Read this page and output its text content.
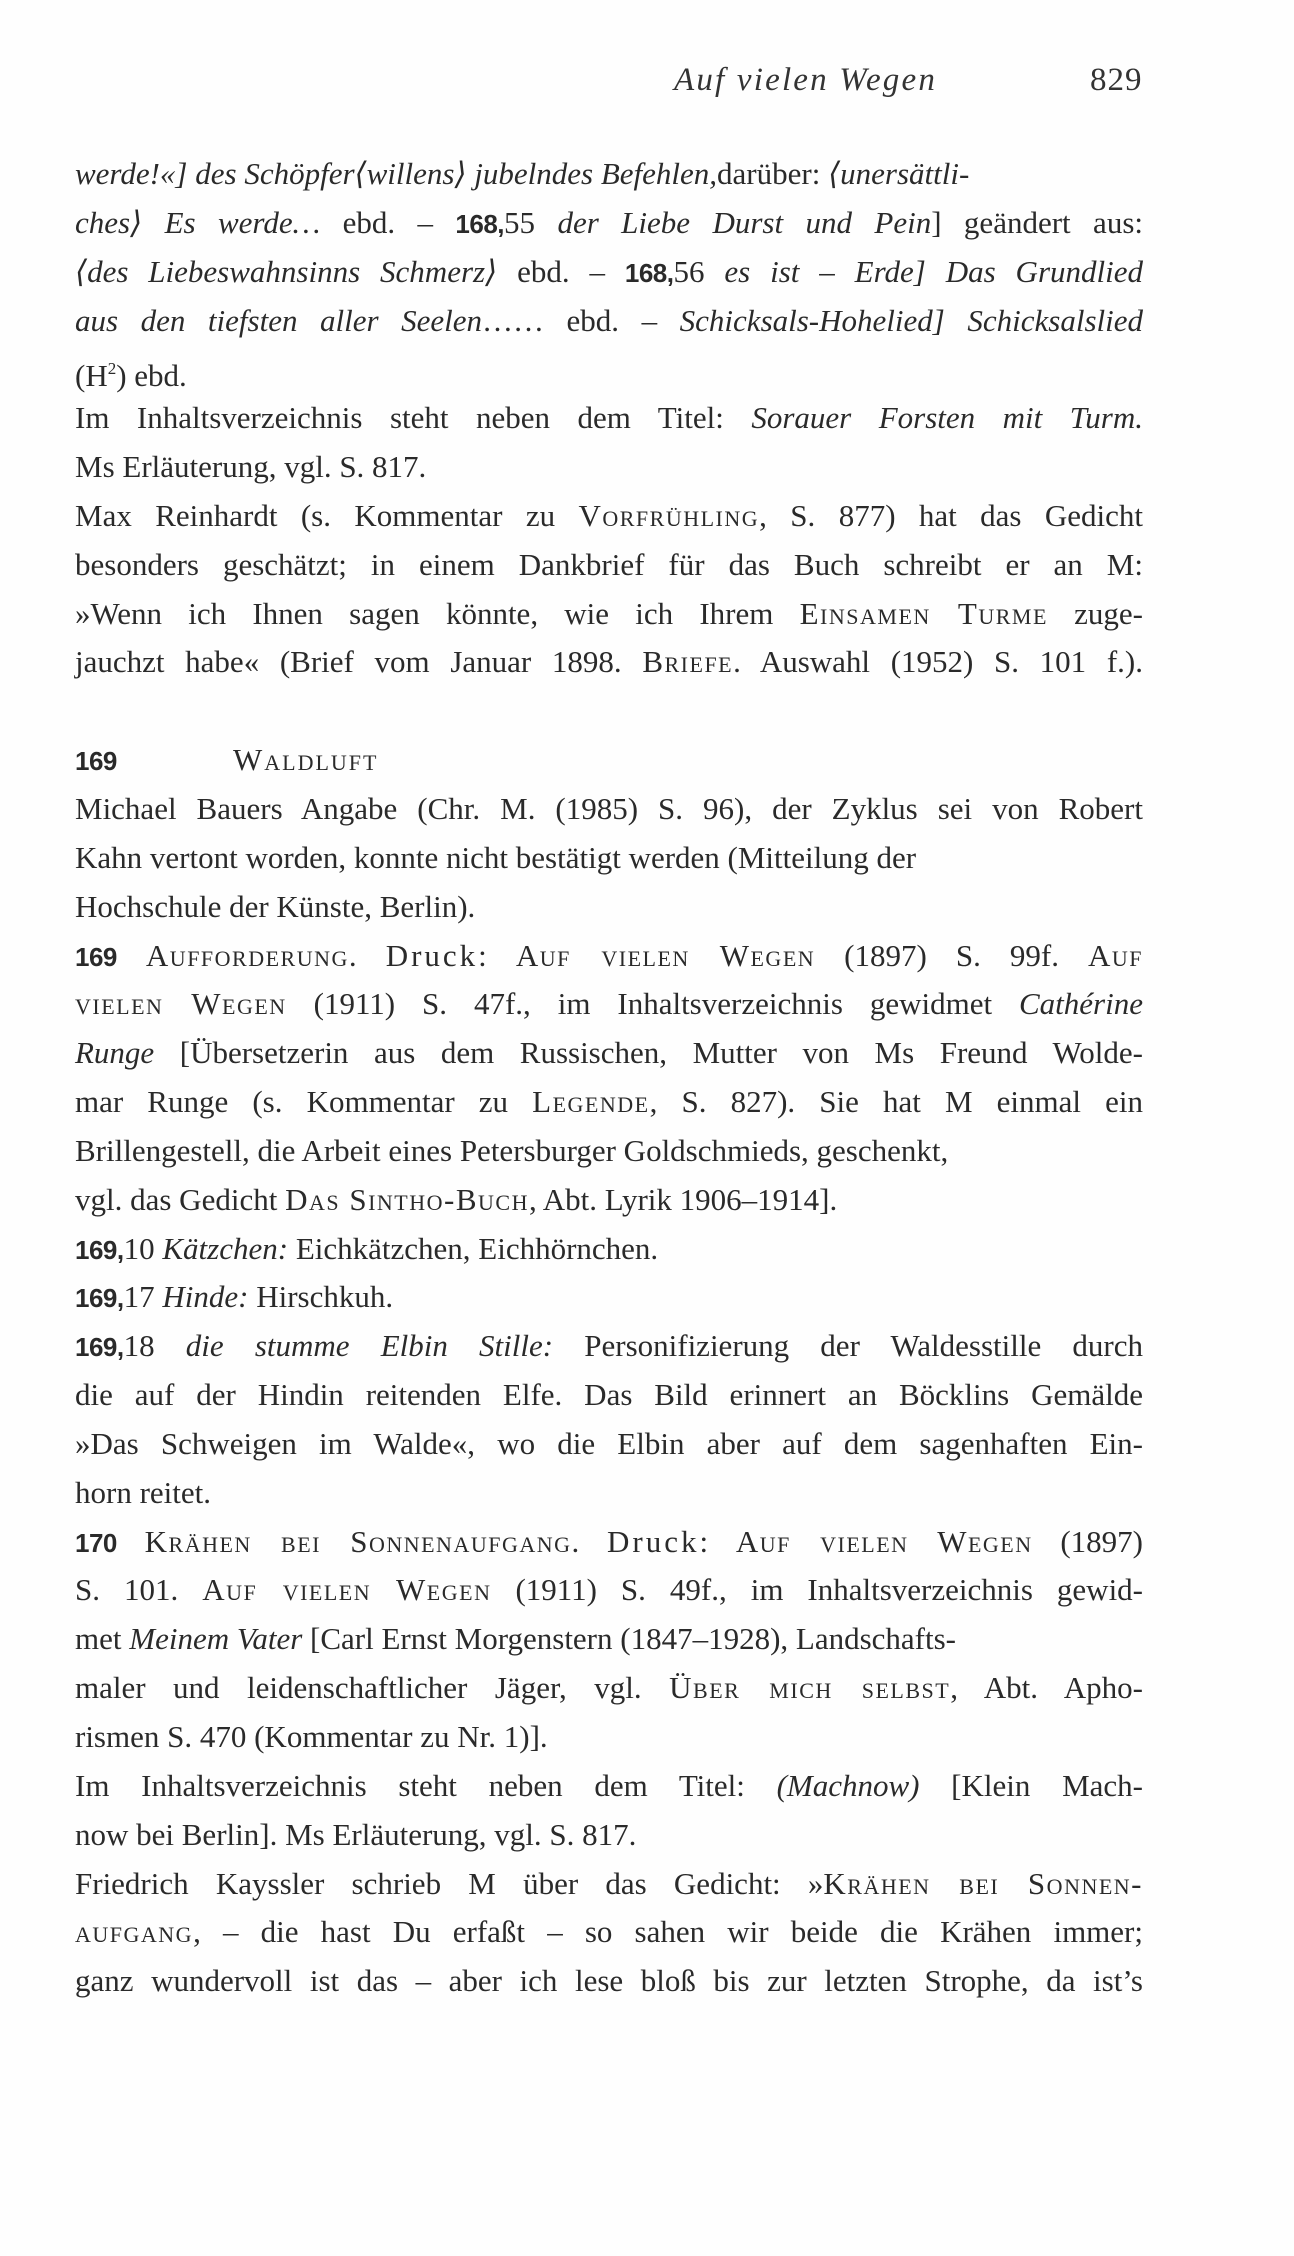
Auf vielen Wegen	829
werde!«] des Schöpfer⟨willens⟩ jubelndes Befehlen,darüber: ⟨unersättli-
ches⟩ Es werde… ebd. – 168,55 der Liebe Durst und Pein] geändert aus:
⟨des Liebeswahnsinns Schmerz⟩ ebd. – 168,56 es ist – Erde] Das Grundlied
aus den tiefsten aller Seelen…… ebd. – Schicksals-Hohelied] Schicksalslied
$(H^2)$ ebd.
Im Inhaltsverzeichnis steht neben dem Titel: Sorauer Forsten mit Turm.
Ms Erläuterung, vgl. S. 817.
Max Reinhardt (s. Kommentar zu Vorfrühling, S. 877) hat das Gedicht
besonders geschätzt; in einem Dankbrief für das Buch schreibt er an M:
»Wenn ich Ihnen sagen könnte, wie ich Ihrem Einsamen Turme zuge-
jauchzt habe« (Brief vom Januar 1898. Briefe. Auswahl (1952) S. 101 f.).
169	Waldluft
Michael Bauers Angabe (Chr. M. (1985) S. 96), der Zyklus sei von Robert
Kahn vertont worden, konnte nicht bestätigt werden (Mitteilung der
Hochschule der Künste, Berlin).
169 Aufforderung. Druck: Auf vielen Wegen (1897) S. 99f. Auf
vielen Wegen (1911) S. 47f., im Inhaltsverzeichnis gewidmet Cathérine
Runge [Übersetzerin aus dem Russischen, Mutter von Ms Freund Wolde-
mar Runge (s. Kommentar zu Legende, S. 827). Sie hat M einmal ein
Brillengestell, die Arbeit eines Petersburger Goldschmieds, geschenkt,
vgl. das Gedicht Das Sintho-Buch, Abt. Lyrik 1906–1914].
169,10 Kätzchen: Eichkätzchen, Eichhörnchen.
169,17 Hinde: Hirschkuh.
169,18 die stumme Elbin Stille: Personifizierung der Waldesstille durch
die auf der Hindin reitenden Elfe. Das Bild erinnert an Böcklins Gemälde
»Das Schweigen im Walde«, wo die Elbin aber auf dem sagenhaften Ein-
horn reitet.
170 Krähen bei Sonnenaufgang. Druck: Auf vielen Wegen (1897)
S. 101. Auf vielen Wegen (1911) S. 49f., im Inhaltsverzeichnis gewid-
met Meinem Vater [Carl Ernst Morgenstern (1847–1928), Landschafts-
maler und leidenschaftlicher Jäger, vgl. Über mich selbst, Abt. Apho-
rismen S. 470 (Kommentar zu Nr. 1)].
Im Inhaltsverzeichnis steht neben dem Titel: (Machnow) [Klein Mach-
now bei Berlin]. Ms Erläuterung, vgl. S. 817.
Friedrich Kayssler schrieb M über das Gedicht: »Krähen bei Sonnen-
aufgang, – die hast Du erfaßt – so sahen wir beide die Krähen immer;
ganz wundervoll ist das – aber ich lese bloß bis zur letzten Strophe, da ist’s
